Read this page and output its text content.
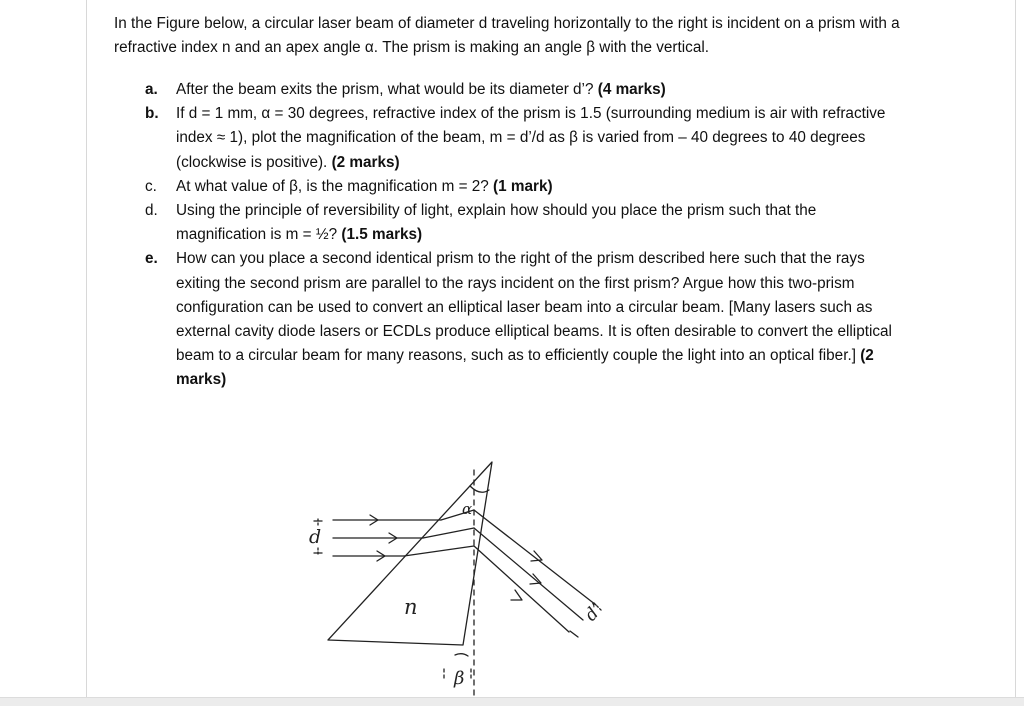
In the Figure below, a circular laser beam of diameter d traveling horizontally to the right is incident on a prism with a refractive index n and an apex angle α. The prism is making an angle β with the vertical.

a. After the beam exits the prism, what would be its diameter d’? (4 marks)
b. If d = 1 mm, α = 30 degrees, refractive index of the prism is 1.5 (surrounding medium is air with refractive index ≈ 1), plot the magnification of the beam, m = d’/d as β is varied from – 40 degrees to 40 degrees (clockwise is positive). (2 marks)
c. At what value of β, is the magnification m = 2? (1 mark)
d. Using the principle of reversibility of light, explain how should you place the prism such that the magnification is m = ½? (1.5 marks)
e. How can you place a second identical prism to the right of the prism described here such that the rays exiting the second prism are parallel to the rays incident on the first prism? Argue how this two-prism configuration can be used to convert an elliptical laser beam into a circular beam. [Many lasers such as external cavity diode lasers or ECDLs produce elliptical beams. It is often desirable to convert the elliptical beam to a circular beam for many reasons, such as to efficiently couple the light into an optical fiber.] (2 marks)
d
n
α
β
d’
